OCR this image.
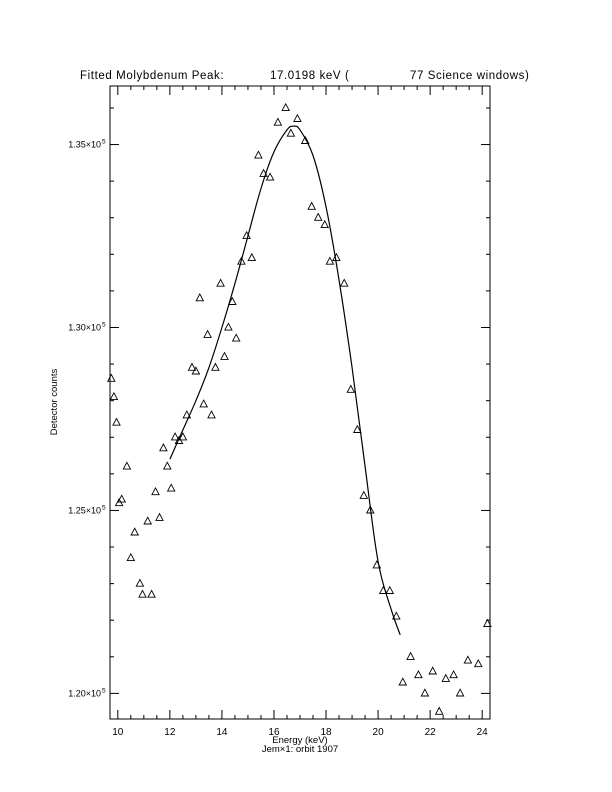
Fitted Molybdenum Peak:	17.0198 keV (	77 Science windows)
10	12	14	16	18	20	22	24
1.20×10 5
1.25×10 5
1.30×10 5
1.35×10 5
Energy (keV)
Jem×1: orbit 1907
Detector counts
